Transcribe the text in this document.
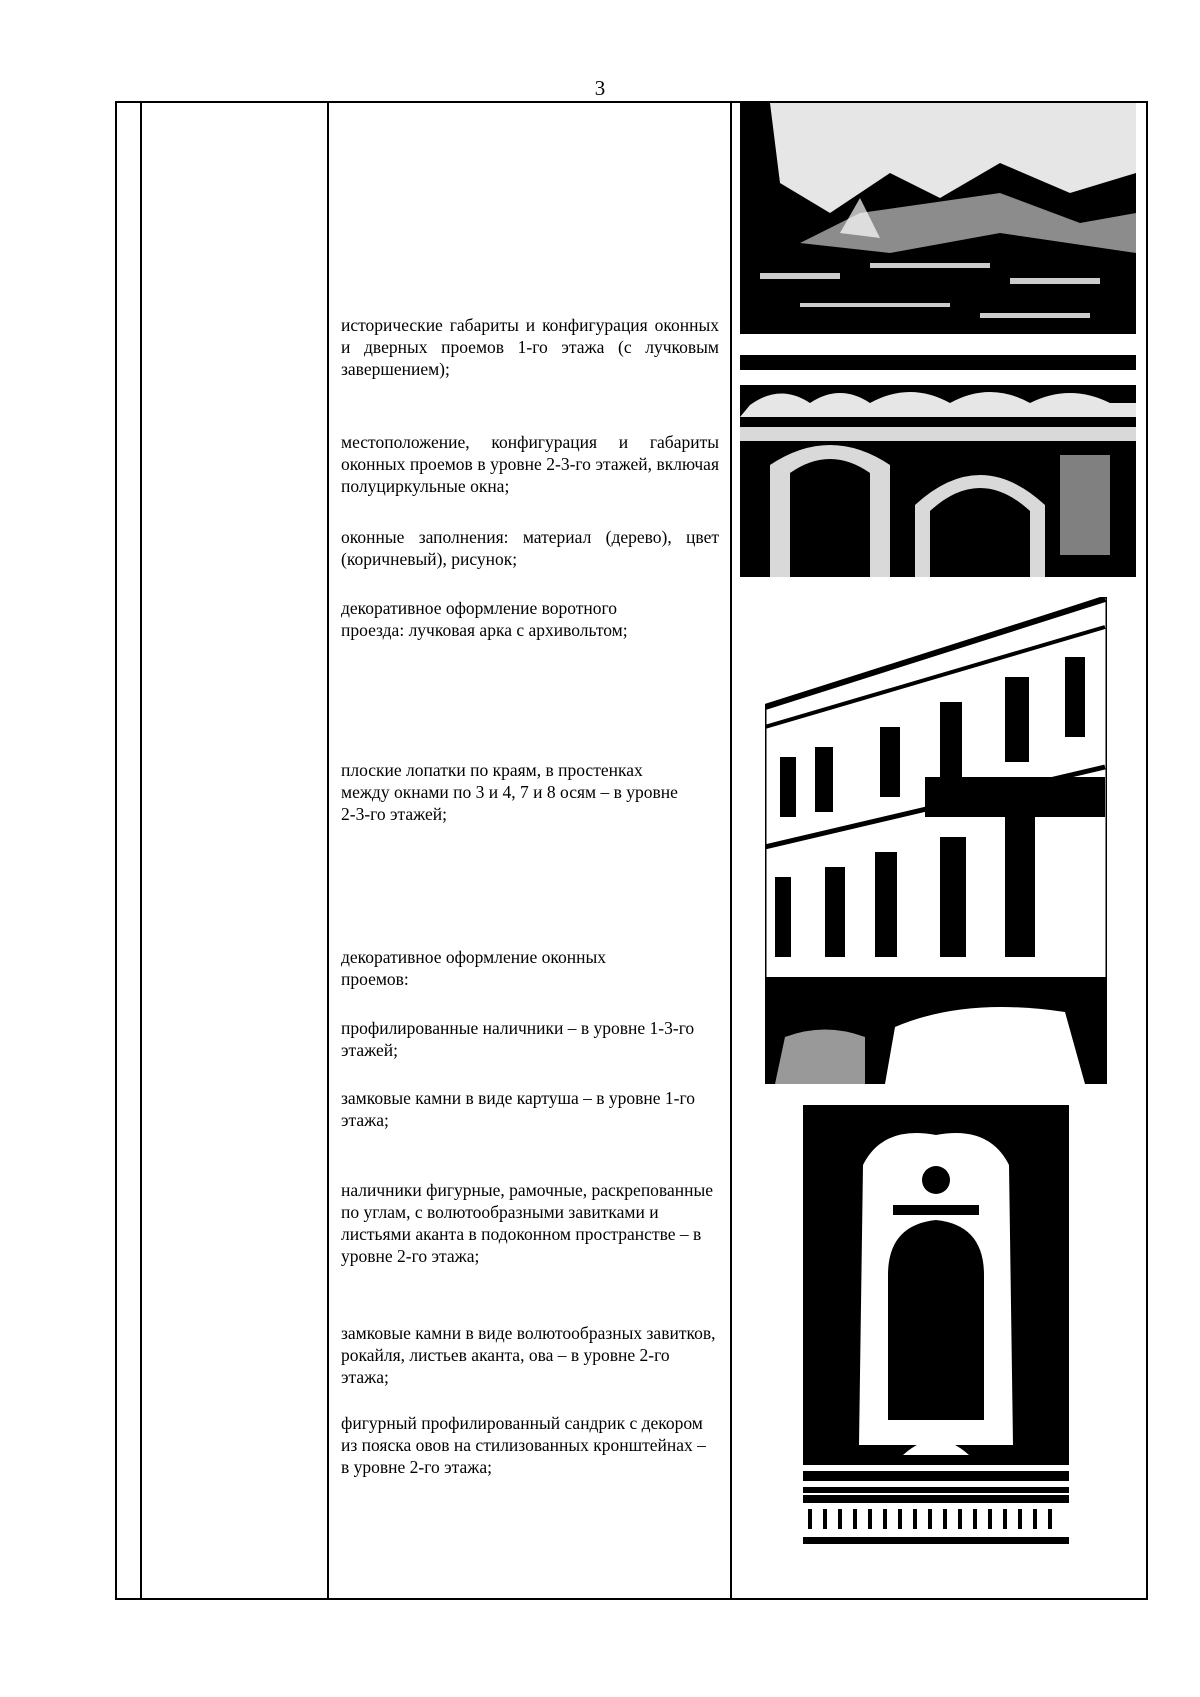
3
исторические габариты и конфигурация оконных и дверных проемов 1-го этажа (с лучковым завершением);
местоположение, конфигурация и габариты оконных проемов в уровне 2-3-го этажей, включая полуциркульные окна;
оконные заполнения: материал (дерево), цвет (коричневый), рисунок;
декоративное оформление воротного проезда: лучковая арка с архивольтом;
плоские лопатки по краям, в простенках между окнами по 3 и 4, 7 и 8 осям – в уровне 2-3-го этажей;
декоративное оформление оконных проемов:
профилированные наличники – в уровне 1-3-го этажей;
замковые камни в виде картуша – в уровне 1-го этажа;
наличники фигурные, рамочные, раскрепованные по углам, с волютообразными завитками и листьями аканта в подоконном пространстве – в уровне 2-го этажа;
замковые камни в виде волютообразных завитков, рокайля, листьев аканта, ова – в уровне 2-го этажа;
фигурный профилированный сандрик с декором из пояска овов на стилизованных кронштейнах – в уровне 2-го этажа;
